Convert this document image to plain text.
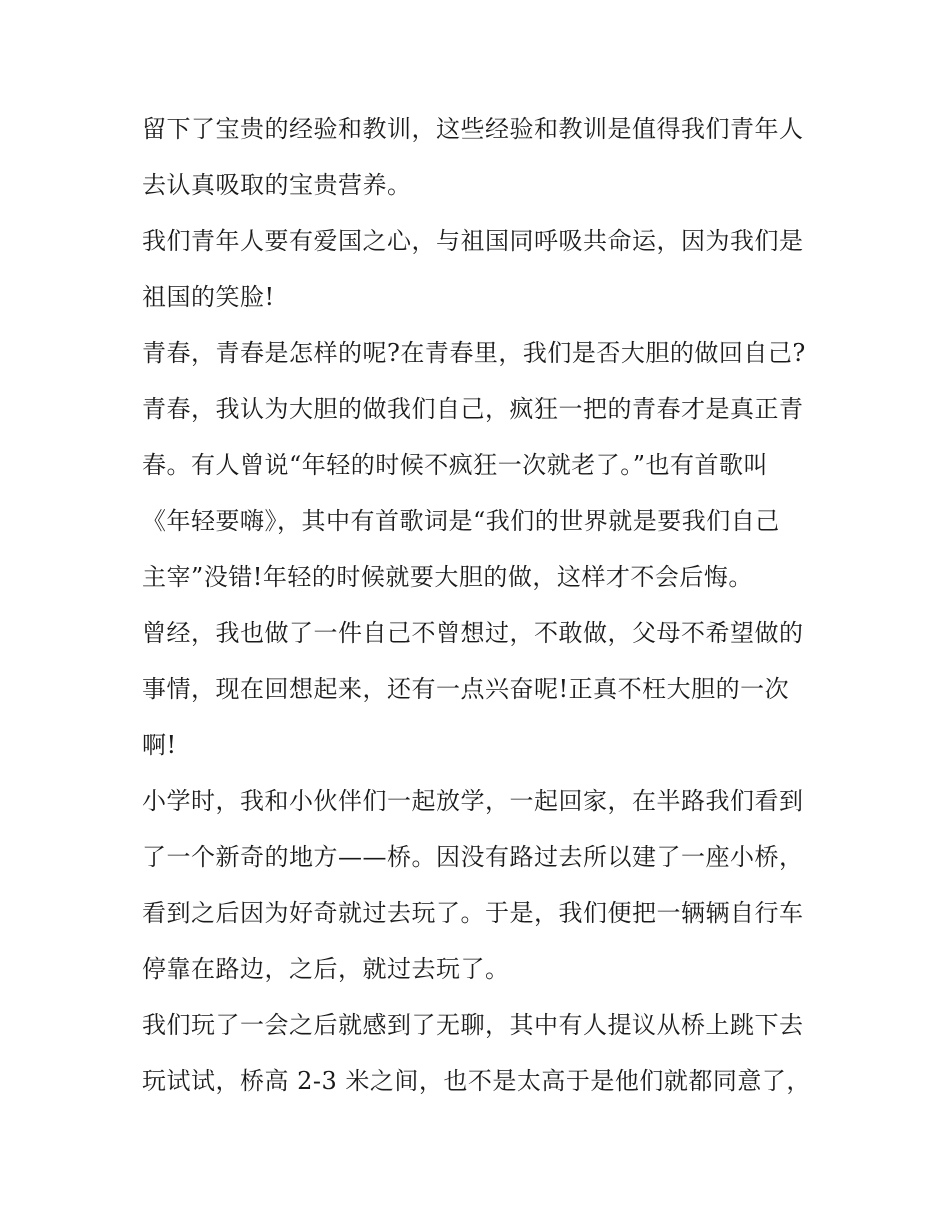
留下了宝贵的经验和教训，这些经验和教训是值得我们青年人
去认真吸取的宝贵营养。
我们青年人要有爱国之心，与祖国同呼吸共命运，因为我们是
祖国的笑脸!
青春，青春是怎样的呢?在青春里，我们是否大胆的做回自己?
青春，我认为大胆的做我们自己，疯狂一把的青春才是真正青
春。有人曾说“年轻的时候不疯狂一次就老了。”也有首歌叫
《年轻要嗨》，其中有首歌词是“我们的世界就是要我们自己
主宰”没错!年轻的时候就要大胆的做，这样才不会后悔。
曾经，我也做了一件自己不曾想过，不敢做，父母不希望做的
事情，现在回想起来，还有一点兴奋呢!正真不枉大胆的一次
啊!
小学时，我和小伙伴们一起放学，一起回家，在半路我们看到
了一个新奇的地方——桥。因没有路过去所以建了一座小桥，
看到之后因为好奇就过去玩了。于是，我们便把一辆辆自行车
停靠在路边，之后，就过去玩了。
我们玩了一会之后就感到了无聊，其中有人提议从桥上跳下去
玩试试，桥高 2-3 米之间，也不是太高于是他们就都同意了，
